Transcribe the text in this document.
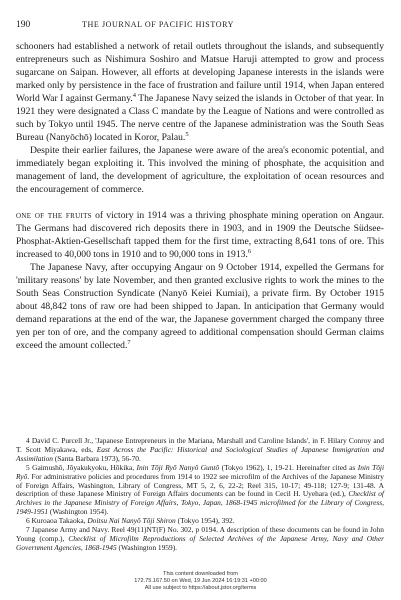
190	THE JOURNAL OF PACIFIC HISTORY

schooners had established a network of retail outlets throughout the islands, and subsequently entrepreneurs such as Nishimura Soshiro and Matsue Haruji attempted to grow and process sugarcane on Saipan. However, all efforts at developing Japanese interests in the islands were marked only by persistence in the face of frustration and failure until 1914, when Japan entered World War I against Germany.$^4$ The Japanese Navy seized the islands in October of that year. In 1921 they were designated a Class C mandate by the League of Nations and were controlled as such by Tokyo until 1945. The nerve centre of the Japanese administration was the South Seas Bureau (Nanyōchō) located in Koror, Palau.$^5$

Despite their earlier failures, the Japanese were aware of the area's economic potential, and immediately began exploiting it. This involved the mining of phosphate, the acquisition and management of land, the development of agriculture, the exploitation of ocean resources and the encouragement of commerce.

one of the fruits of victory in 1914 was a thriving phosphate mining operation on Angaur. The Germans had discovered rich deposits there in 1903, and in 1909 the Deutsche Südsee-Phosphat-Aktien-Gesellschaft tapped them for the first time, extracting 8,641 tons of ore. This increased to 40,000 tons in 1910 and to 90,000 tons in 1913.$^6$

The Japanese Navy, after occupying Angaur on 9 October 1914, expelled the Germans for 'military reasons' by late November, and then granted exclusive rights to work the mines to the South Seas Construction Syndicate (Nanyō Keiei Kumiai), a private firm. By October 1915 about 48,842 tons of raw ore had been shipped to Japan. In anticipation that Germany would demand reparations at the end of the war, the Japanese government charged the company three yen per ton of ore, and the company agreed to additional compensation should German claims exceed the amount collected.$^7$

4 David C. Purcell Jr., 'Japanese Entrepreneurs in the Mariana, Marshall and Caroline Islands', in F. Hilary Conroy and T. Scott Miyakawa, eds, East Across the Pacific: Historical and Sociological Studies of Japanese Immigration and Assimilation (Santa Barbara 1973), 56-70.

5 Gaimushō, Jōyakukyoku, Hōkika, Inin Tōji Ryō Nanyō Guntō (Tokyo 1962), 1, 19-21. Hereinafter cited as Inin Tōji Ryō. For administrative policies and procedures from 1914 to 1922 see microfilm of the Archives of the Japanese Ministry of Foreign Affairs, Washington, Library of Congress, MT 5, 2, 6, 22-2; Reel 315, 10-17; 49-118; 127-9; 131-48. A description of these Japanese Ministry of Foreign Affairs documents can be found in Cecil H. Uyehara (ed.), Checklist of Archives in the Japanese Ministry of Foreign Affairs, Tokyo, Japan, 1868-1945 microfilmed for the Library of Congress, 1949-1951 (Washington 1954).

6 Kuroaoa Takaoka, Doitsu Nai Nanyō Tōji Shiron (Tokyo 1954), 392.

7 Japanese Army and Navy. Reel 49(11)NT(F) No. 302, p 0194. A description of these documents can be found in John Young (comp.), Checklist of Microfilm Reproductions of Selected Archives of the Japanese Army, Navy and Other Government Agencies, 1868-1945 (Washington 1959).

This content downloaded from
172.75.167.50 on Wed, 19 Jun 2024 16:19:31 +00:00
All use subject to https://about.jstor.org/terms
